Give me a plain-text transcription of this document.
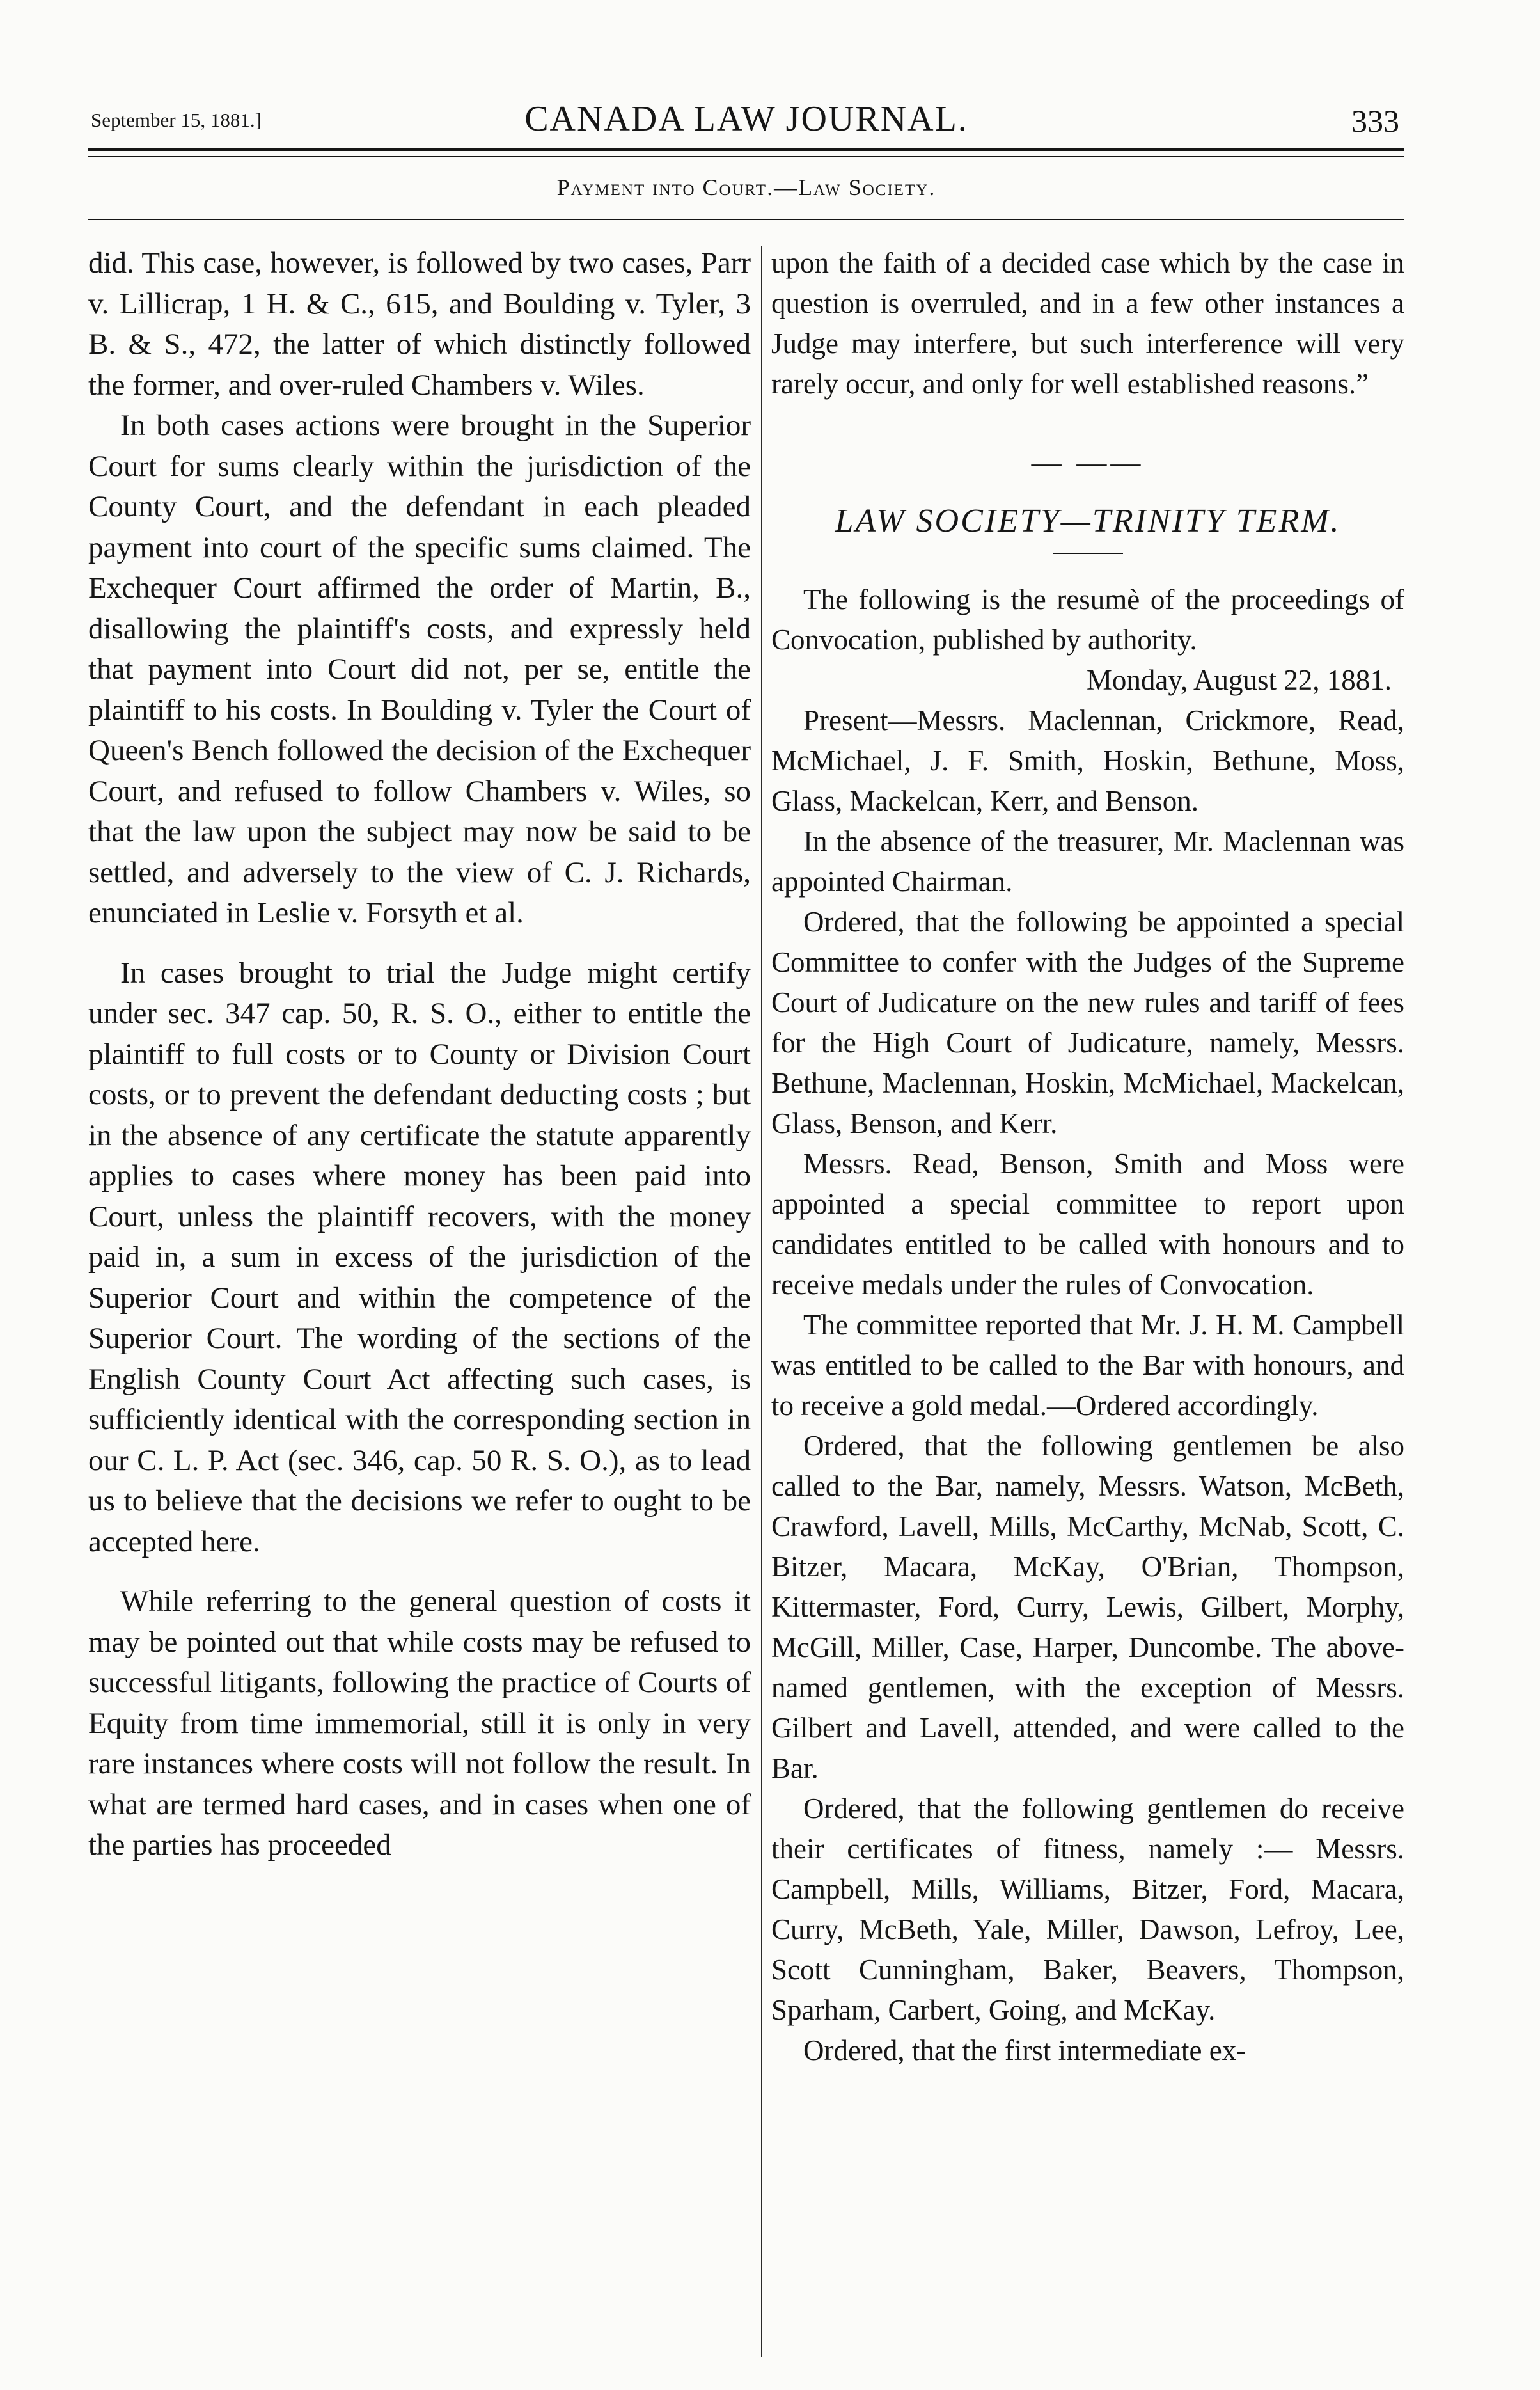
September 15, 1881.]	CANADA LAW JOURNAL.	333
Payment into Court.—Law Society.

did. This case, however, is followed by two cases, Parr v. Lillicrap, 1 H. & C., 615, and Boulding v. Tyler, 3 B. & S., 472, the latter of which distinctly followed the former, and over-ruled Chambers v. Wiles.

In both cases actions were brought in the Superior Court for sums clearly within the jurisdiction of the County Court, and the defendant in each pleaded payment into court of the specific sums claimed. The Exchequer Court affirmed the order of Martin, B., disallowing the plaintiff's costs, and expressly held that payment into Court did not, per se, entitle the plaintiff to his costs. In Boulding v. Tyler the Court of Queen's Bench followed the decision of the Exchequer Court, and refused to follow Chambers v. Wiles, so that the law upon the subject may now be said to be settled, and adversely to the view of C. J. Richards, enunciated in Leslie v. Forsyth et al.

In cases brought to trial the Judge might certify under sec. 347 cap. 50, R. S. O., either to entitle the plaintiff to full costs or to County or Division Court costs, or to prevent the defendant deducting costs ; but in the absence of any certificate the statute apparently applies to cases where money has been paid into Court, unless the plaintiff recovers, with the money paid in, a sum in excess of the jurisdiction of the Superior Court and within the competence of the Superior Court. The wording of the sections of the English County Court Act affecting such cases, is sufficiently identical with the corresponding section in our C. L. P. Act (sec. 346, cap. 50 R. S. O.), as to lead us to believe that the decisions we refer to ought to be accepted here.

While referring to the general question of costs it may be pointed out that while costs may be refused to successful litigants, following the practice of Courts of Equity from time immemorial, still it is only in very rare instances where costs will not follow the result. In what are termed hard cases, and in cases when one of the parties has proceeded

upon the faith of a decided case which by the case in question is overruled, and in a few other instances a Judge may interfere, but such interference will very rarely occur, and only for well established reasons.”

— ——
LAW SOCIETY—TRINITY TERM.

The following is the resumè of the proceedings of Convocation, published by authority.

Monday, August 22, 1881.

Present—Messrs. Maclennan, Crickmore, Read, McMichael, J. F. Smith, Hoskin, Bethune, Moss, Glass, Mackelcan, Kerr, and Benson.

In the absence of the treasurer, Mr. Maclennan was appointed Chairman.

Ordered, that the following be appointed a special Committee to confer with the Judges of the Supreme Court of Judicature on the new rules and tariff of fees for the High Court of Judicature, namely, Messrs. Bethune, Maclennan, Hoskin, McMichael, Mackelcan, Glass, Benson, and Kerr.

Messrs. Read, Benson, Smith and Moss were appointed a special committee to report upon candidates entitled to be called with honours and to receive medals under the rules of Convocation.

The committee reported that Mr. J. H. M. Campbell was entitled to be called to the Bar with honours, and to receive a gold medal.—Ordered accordingly.

Ordered, that the following gentlemen be also called to the Bar, namely, Messrs. Watson, McBeth, Crawford, Lavell, Mills, McCarthy, McNab, Scott, C. Bitzer, Macara, McKay, O'Brian, Thompson, Kittermaster, Ford, Curry, Lewis, Gilbert, Morphy, McGill, Miller, Case, Harper, Duncombe. The above-named gentlemen, with the exception of Messrs. Gilbert and Lavell, attended, and were called to the Bar.

Ordered, that the following gentlemen do receive their certificates of fitness, namely :— Messrs. Campbell, Mills, Williams, Bitzer, Ford, Macara, Curry, McBeth, Yale, Miller, Dawson, Lefroy, Lee, Scott Cunningham, Baker, Beavers, Thompson, Sparham, Carbert, Going, and McKay.

Ordered, that the first intermediate ex-
